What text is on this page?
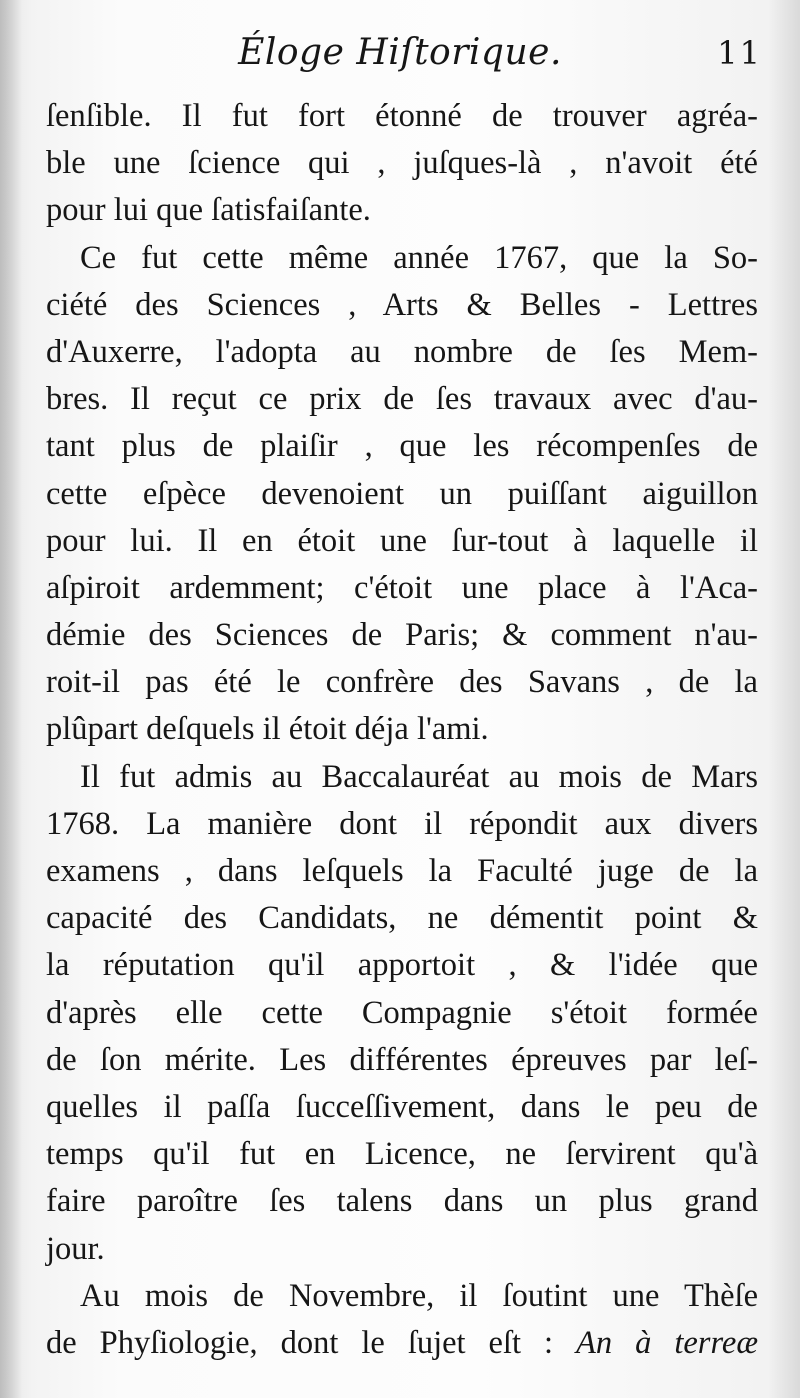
Éloge Hiſtorique.	11
ſenſible. Il fut fort étonné de trouver agréa-
ble une ſcience qui , juſques-là , n'avoit été
pour lui que ſatisfaiſante.
Ce fut cette même année 1767, que la So-
ciété des Sciences , Arts & Belles - Lettres
d'Auxerre, l'adopta au nombre de ſes Mem-
bres. Il reçut ce prix de ſes travaux avec d'au-
tant plus de plaiſir , que les récompenſes de
cette eſpèce devenoient un puiſſant aiguillon
pour lui. Il en étoit une ſur-tout à laquelle il
aſpiroit ardemment; c'étoit une place à l'Aca-
démie des Sciences de Paris; & comment n'au-
roit-il pas été le confrère des Savans , de la
plûpart deſquels il étoit déja l'ami.
Il fut admis au Baccalauréat au mois de Mars
1768. La manière dont il répondit aux divers
examens , dans leſquels la Faculté juge de la
capacité des Candidats, ne démentit point &
la réputation qu'il apportoit , & l'idée que
d'après elle cette Compagnie s'étoit formée
de ſon mérite. Les différentes épreuves par leſ-
quelles il paſſa ſucceſſivement, dans le peu de
temps qu'il fut en Licence, ne ſervirent qu'à
faire paroître ſes talens dans un plus grand
jour.
Au mois de Novembre, il ſoutint une Thèſe
de Phyſiologie, dont le ſujet eſt : An à terreæ
